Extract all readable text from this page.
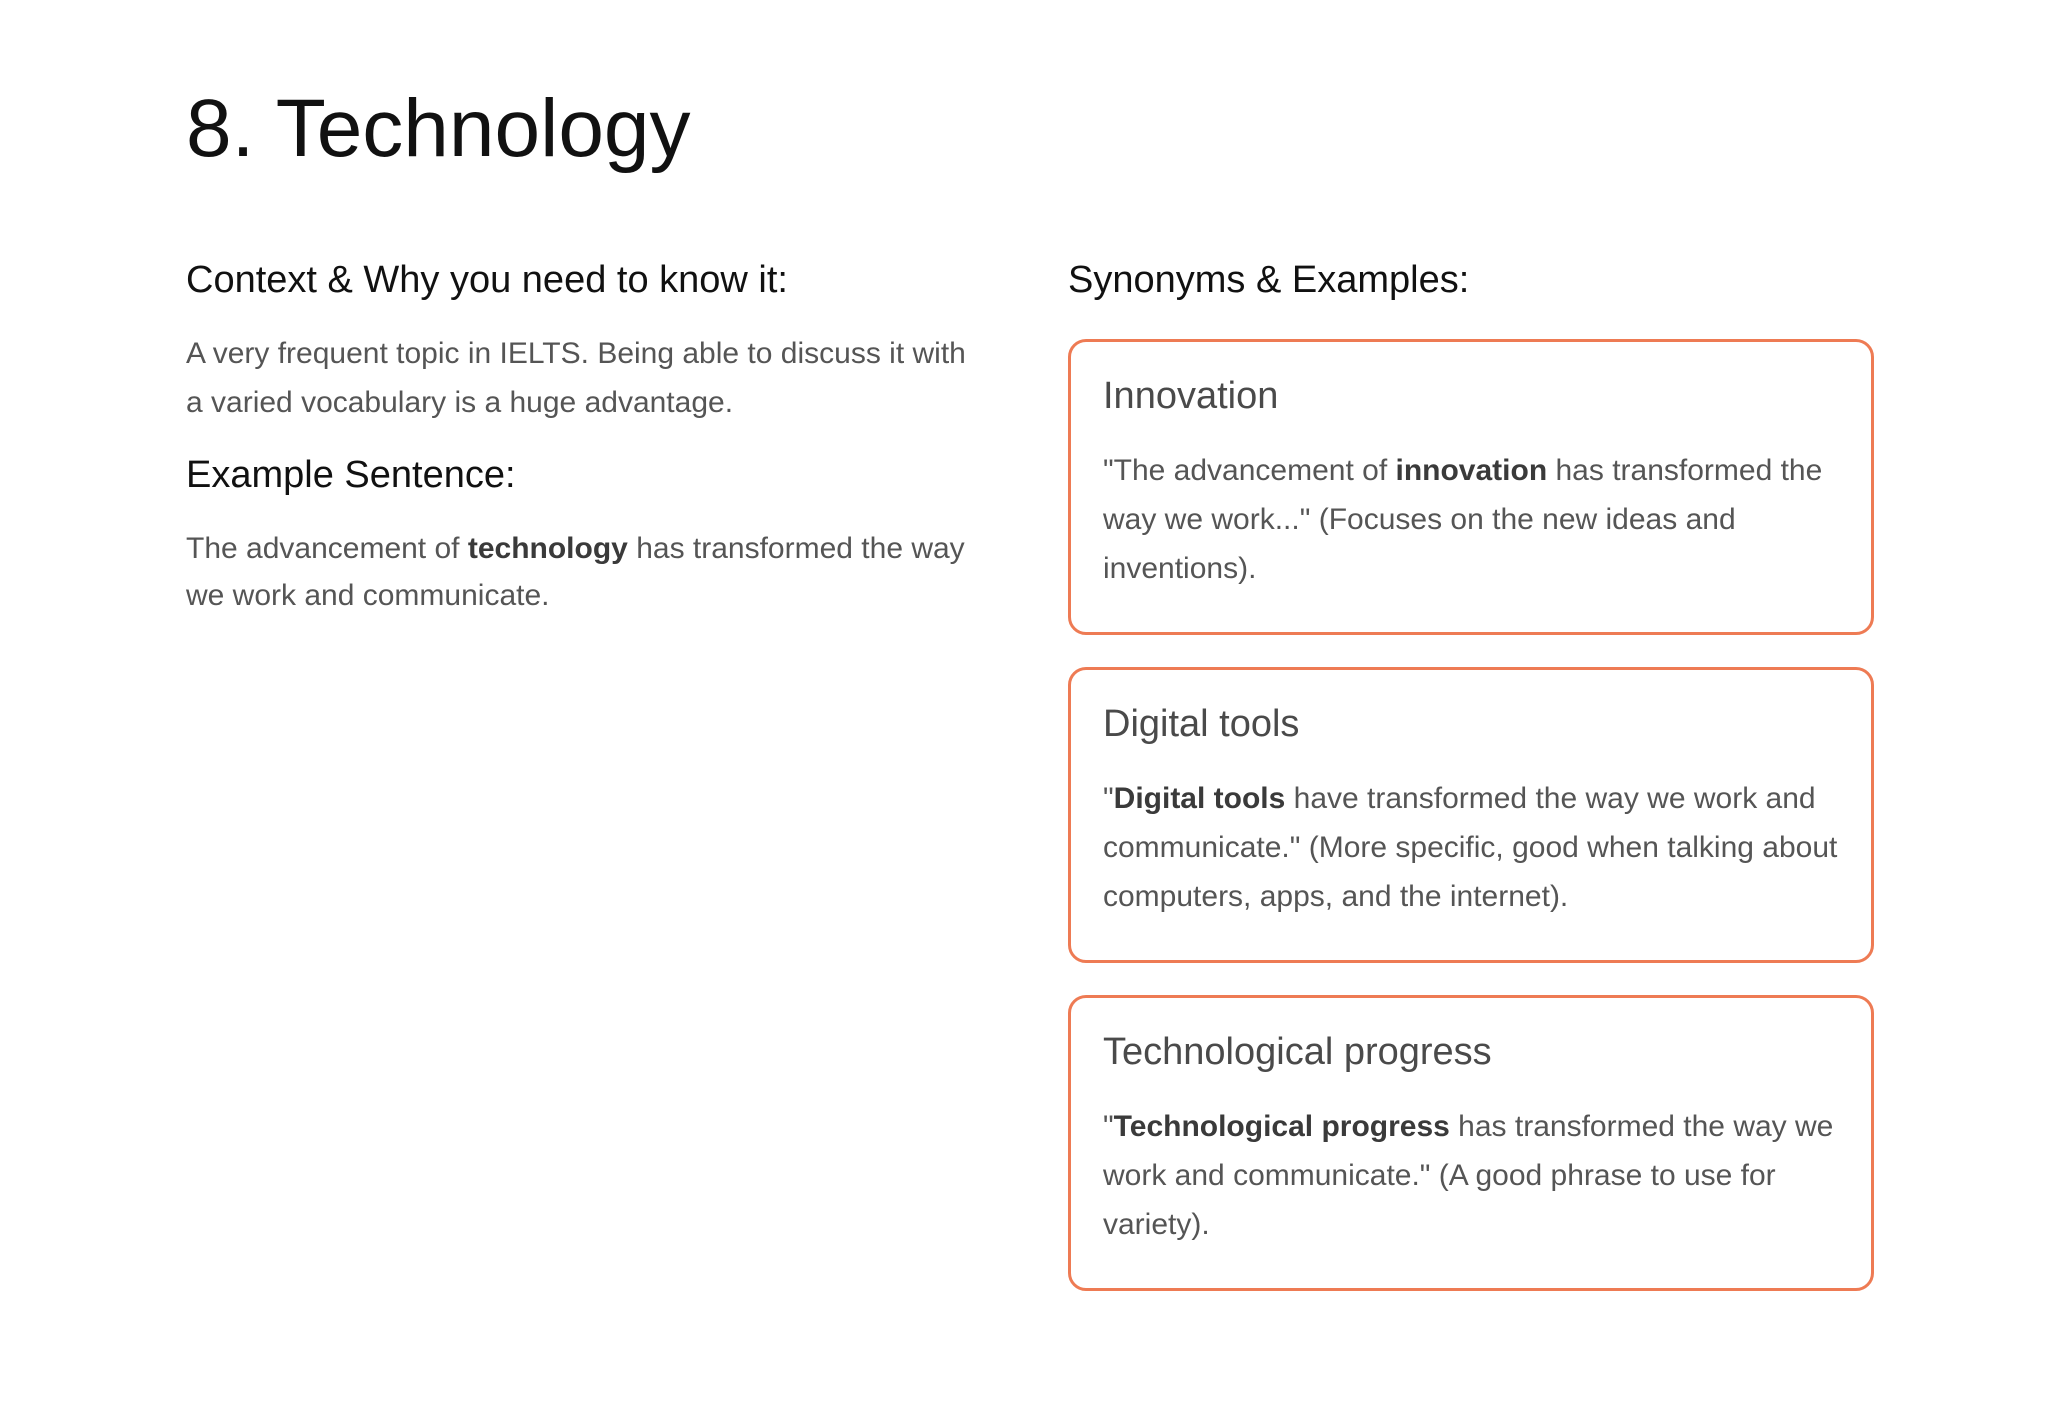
8. Technology
Context & Why you need to know it:

A very frequent topic in IELTS. Being able to discuss it with a varied vocabulary is a huge advantage.

Example Sentence:

The advancement of technology has transformed the way we work and communicate.

Synonyms & Examples:
Innovation
"The advancement of innovation has transformed the way we work..." (Focuses on the new ideas and inventions).
Digital tools
"Digital tools have transformed the way we work and communicate." (More specific, good when talking about computers, apps, and the internet).
Technological progress
"Technological progress has transformed the way we work and communicate." (A good phrase to use for variety).
